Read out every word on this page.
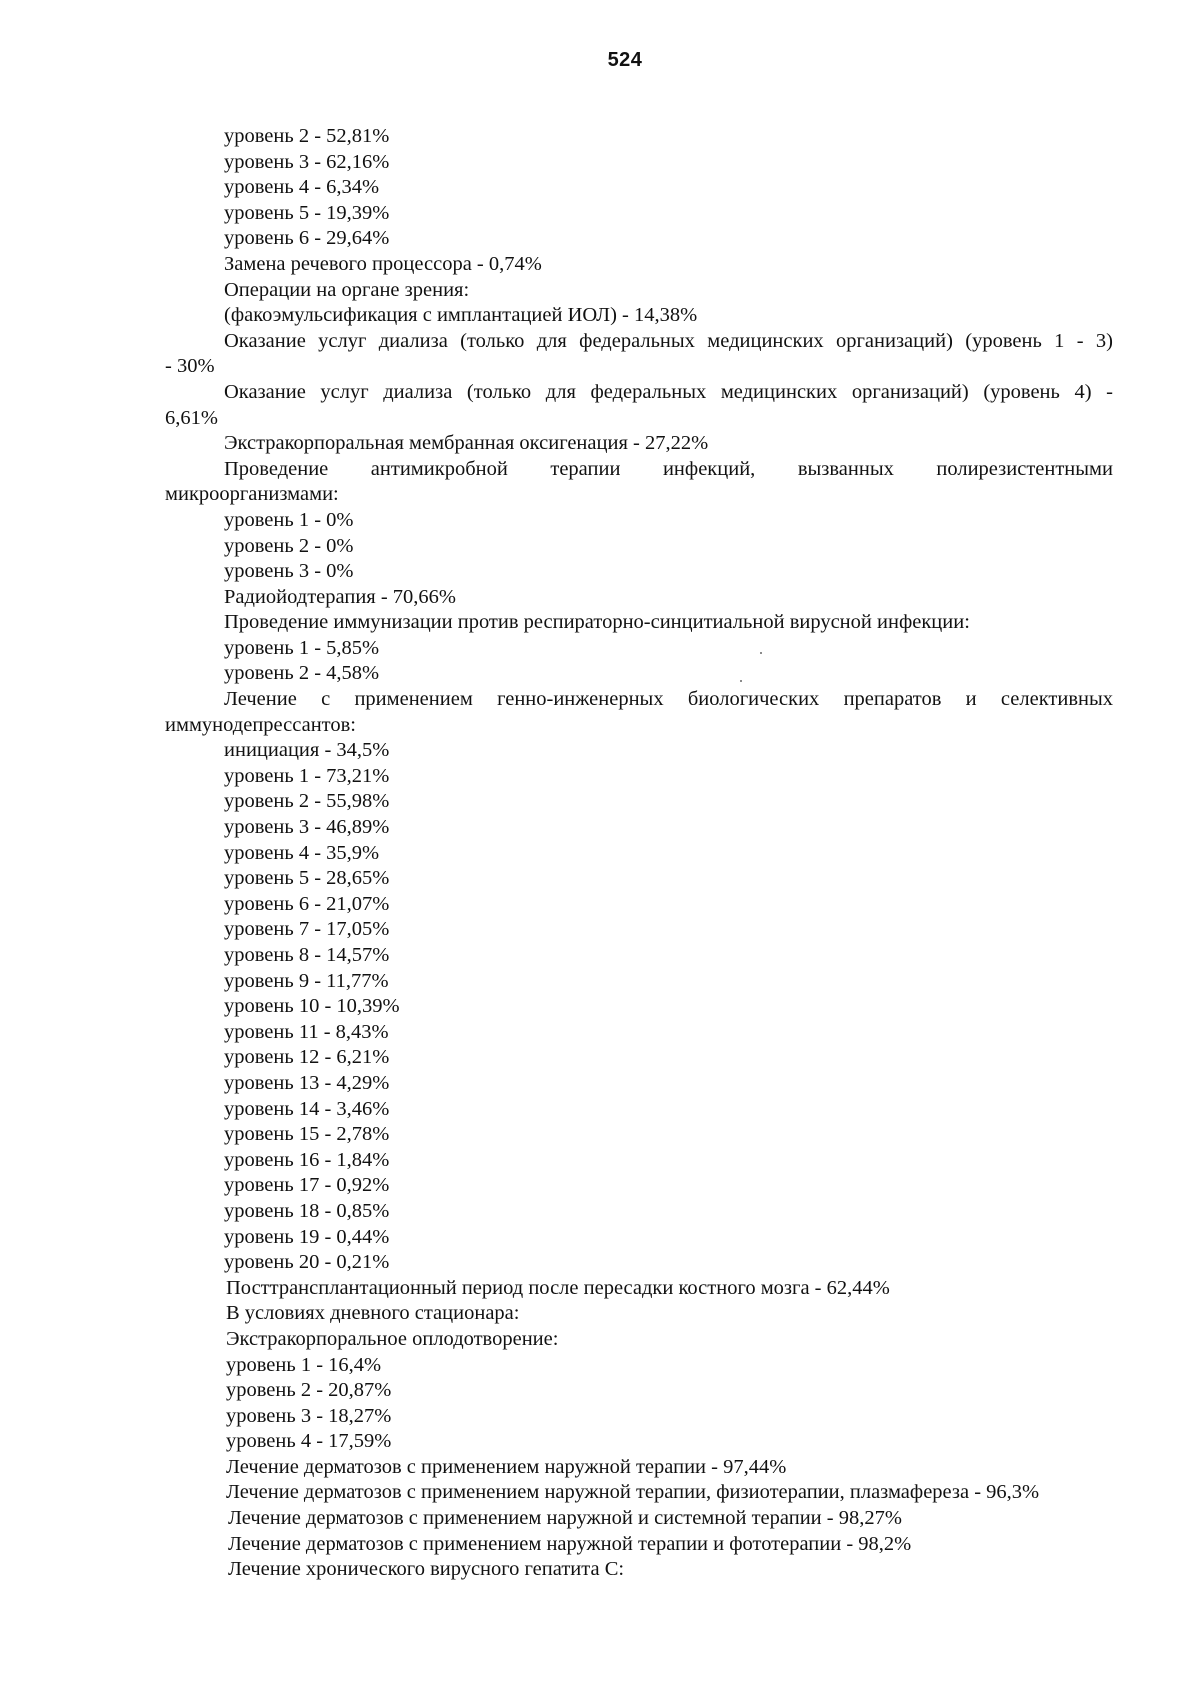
524
уровень 2 - 52,81%
уровень 3 - 62,16%
уровень 4 - 6,34%
уровень 5 - 19,39%
уровень 6 - 29,64%
Замена речевого процессора - 0,74%
Операции на органе зрения:
(факоэмульсификация с имплантацией ИОЛ) - 14,38%
Оказание услуг диализа (только для федеральных медицинских организаций) (уровень 1 - 3)
- 30%
Оказание услуг диализа (только для федеральных медицинских организаций) (уровень 4) -
6,61%
Экстракорпоральная мембранная оксигенация - 27,22%
Проведение антимикробной терапии инфекций, вызванных полирезистентными
микроорганизмами:
уровень 1 - 0%
уровень 2 - 0%
уровень 3 - 0%
Радиойодтерапия - 70,66%
Проведение иммунизации против респираторно-синцитиальной вирусной инфекции:
уровень 1 - 5,85%
уровень 2 - 4,58%
Лечение с применением генно-инженерных биологических препаратов и селективных
иммунодепрессантов:
инициация - 34,5%
уровень 1 - 73,21%
уровень 2 - 55,98%
уровень 3 - 46,89%
уровень 4 - 35,9%
уровень 5 - 28,65%
уровень 6 - 21,07%
уровень 7 - 17,05%
уровень 8 - 14,57%
уровень 9 - 11,77%
уровень 10 - 10,39%
уровень 11 - 8,43%
уровень 12 - 6,21%
уровень 13 - 4,29%
уровень 14 - 3,46%
уровень 15 - 2,78%
уровень 16 - 1,84%
уровень 17 - 0,92%
уровень 18 - 0,85%
уровень 19 - 0,44%
уровень 20 - 0,21%
Посттрансплантационный период после пересадки костного мозга - 62,44%
В условиях дневного стационара:
Экстракорпоральное оплодотворение:
уровень 1 - 16,4%
уровень 2 - 20,87%
уровень 3 - 18,27%
уровень 4 - 17,59%
Лечение дерматозов с применением наружной терапии - 97,44%
Лечение дерматозов с применением наружной терапии, физиотерапии, плазмафереза - 96,3%
Лечение дерматозов с применением наружной и системной терапии - 98,27%
Лечение дерматозов с применением наружной терапии и фототерапии - 98,2%
Лечение хронического вирусного гепатита С:
